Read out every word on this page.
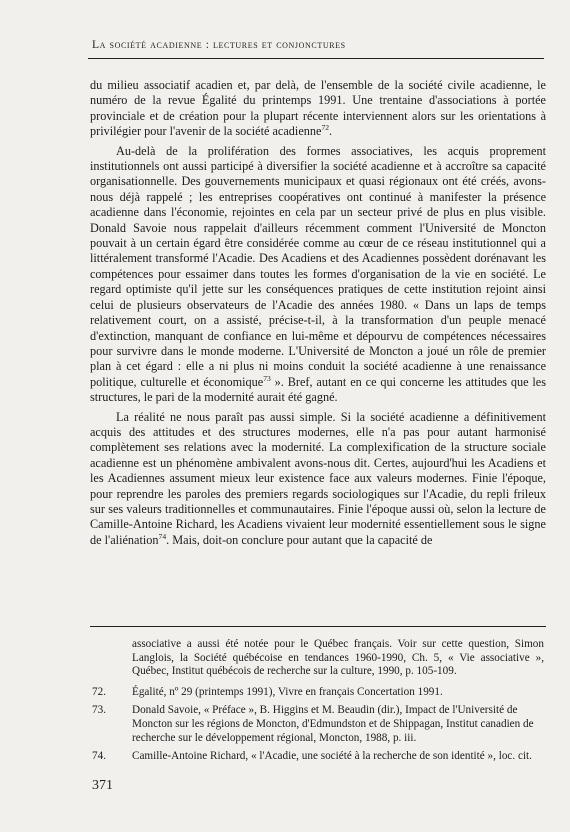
La société acadienne : lectures et conjonctures

du milieu associatif acadien et, par delà, de l'ensemble de la société civile acadienne, le numéro de la revue Égalité du printemps 1991. Une trentaine d'associations à portée provinciale et de création pour la plupart récente interviennent alors sur les orientations à privilégier pour l'avenir de la société acadienne$^{72}$.

Au-delà de la prolifération des formes associatives, les acquis proprement institutionnels ont aussi participé à diversifier la société acadienne et à accroître sa capacité organisationnelle. Des gouvernements municipaux et quasi régionaux ont été créés, avons-nous déjà rappelé ; les entreprises coopératives ont continué à manifester la présence acadienne dans l'économie, rejointes en cela par un secteur privé de plus en plus visible. Donald Savoie nous rappelait d'ailleurs récemment comment l'Université de Moncton pouvait à un certain égard être considérée comme au cœur de ce réseau institutionnel qui a littéralement transformé l'Acadie. Des Acadiens et des Acadiennes possèdent dorénavant les compétences pour essaimer dans toutes les formes d'organisation de la vie en société. Le regard optimiste qu'il jette sur les conséquences pratiques de cette institution rejoint ainsi celui de plusieurs observateurs de l'Acadie des années 1980. « Dans un laps de temps relativement court, on a assisté, précise-t-il, à la transformation d'un peuple menacé d'extinction, manquant de confiance en lui-même et dépourvu de compétences nécessaires pour survivre dans le monde moderne. L'Université de Moncton a joué un rôle de premier plan à cet égard : elle a ni plus ni moins conduit la société acadienne à une renaissance politique, culturelle et économique$^{73}$ ». Bref, autant en ce qui concerne les attitudes que les structures, le pari de la modernité aurait été gagné.

La réalité ne nous paraît pas aussi simple. Si la société acadienne a définitivement acquis des attitudes et des structures modernes, elle n'a pas pour autant harmonisé complètement ses relations avec la modernité. La complexification de la structure sociale acadienne est un phénomène ambivalent avons-nous dit. Certes, aujourd'hui les Acadiens et les Acadiennes assument mieux leur existence face aux valeurs modernes. Finie l'époque, pour reprendre les paroles des premiers regards sociologiques sur l'Acadie, du repli frileux sur ses valeurs traditionnelles et communautaires. Finie l'époque aussi où, selon la lecture de Camille-Antoine Richard, les Acadiens vivaient leur modernité essentiellement sous le signe de l'aliénation$^{74}$. Mais, doit-on conclure pour autant que la capacité de

associative a aussi été notée pour le Québec français. Voir sur cette question, Simon Langlois, la Société québécoise en tendances 1960-1990, Ch. 5, « Vie associative », Québec, Institut québécois de recherche sur la culture, 1990, p. 105-109.
72.	Égalité, nº 29 (printemps 1991), Vivre en français Concertation 1991.
73.	Donald Savoie, « Préface », B. Higgins et M. Beaudin (dir.), Impact de l'Université de Moncton sur les régions de Moncton, d'Edmundston et de Shippagan, Institut canadien de recherche sur le développement régional, Moncton, 1988, p. iii.
74.	Camille-Antoine Richard, « l'Acadie, une société à la recherche de son identité », loc. cit.
371
